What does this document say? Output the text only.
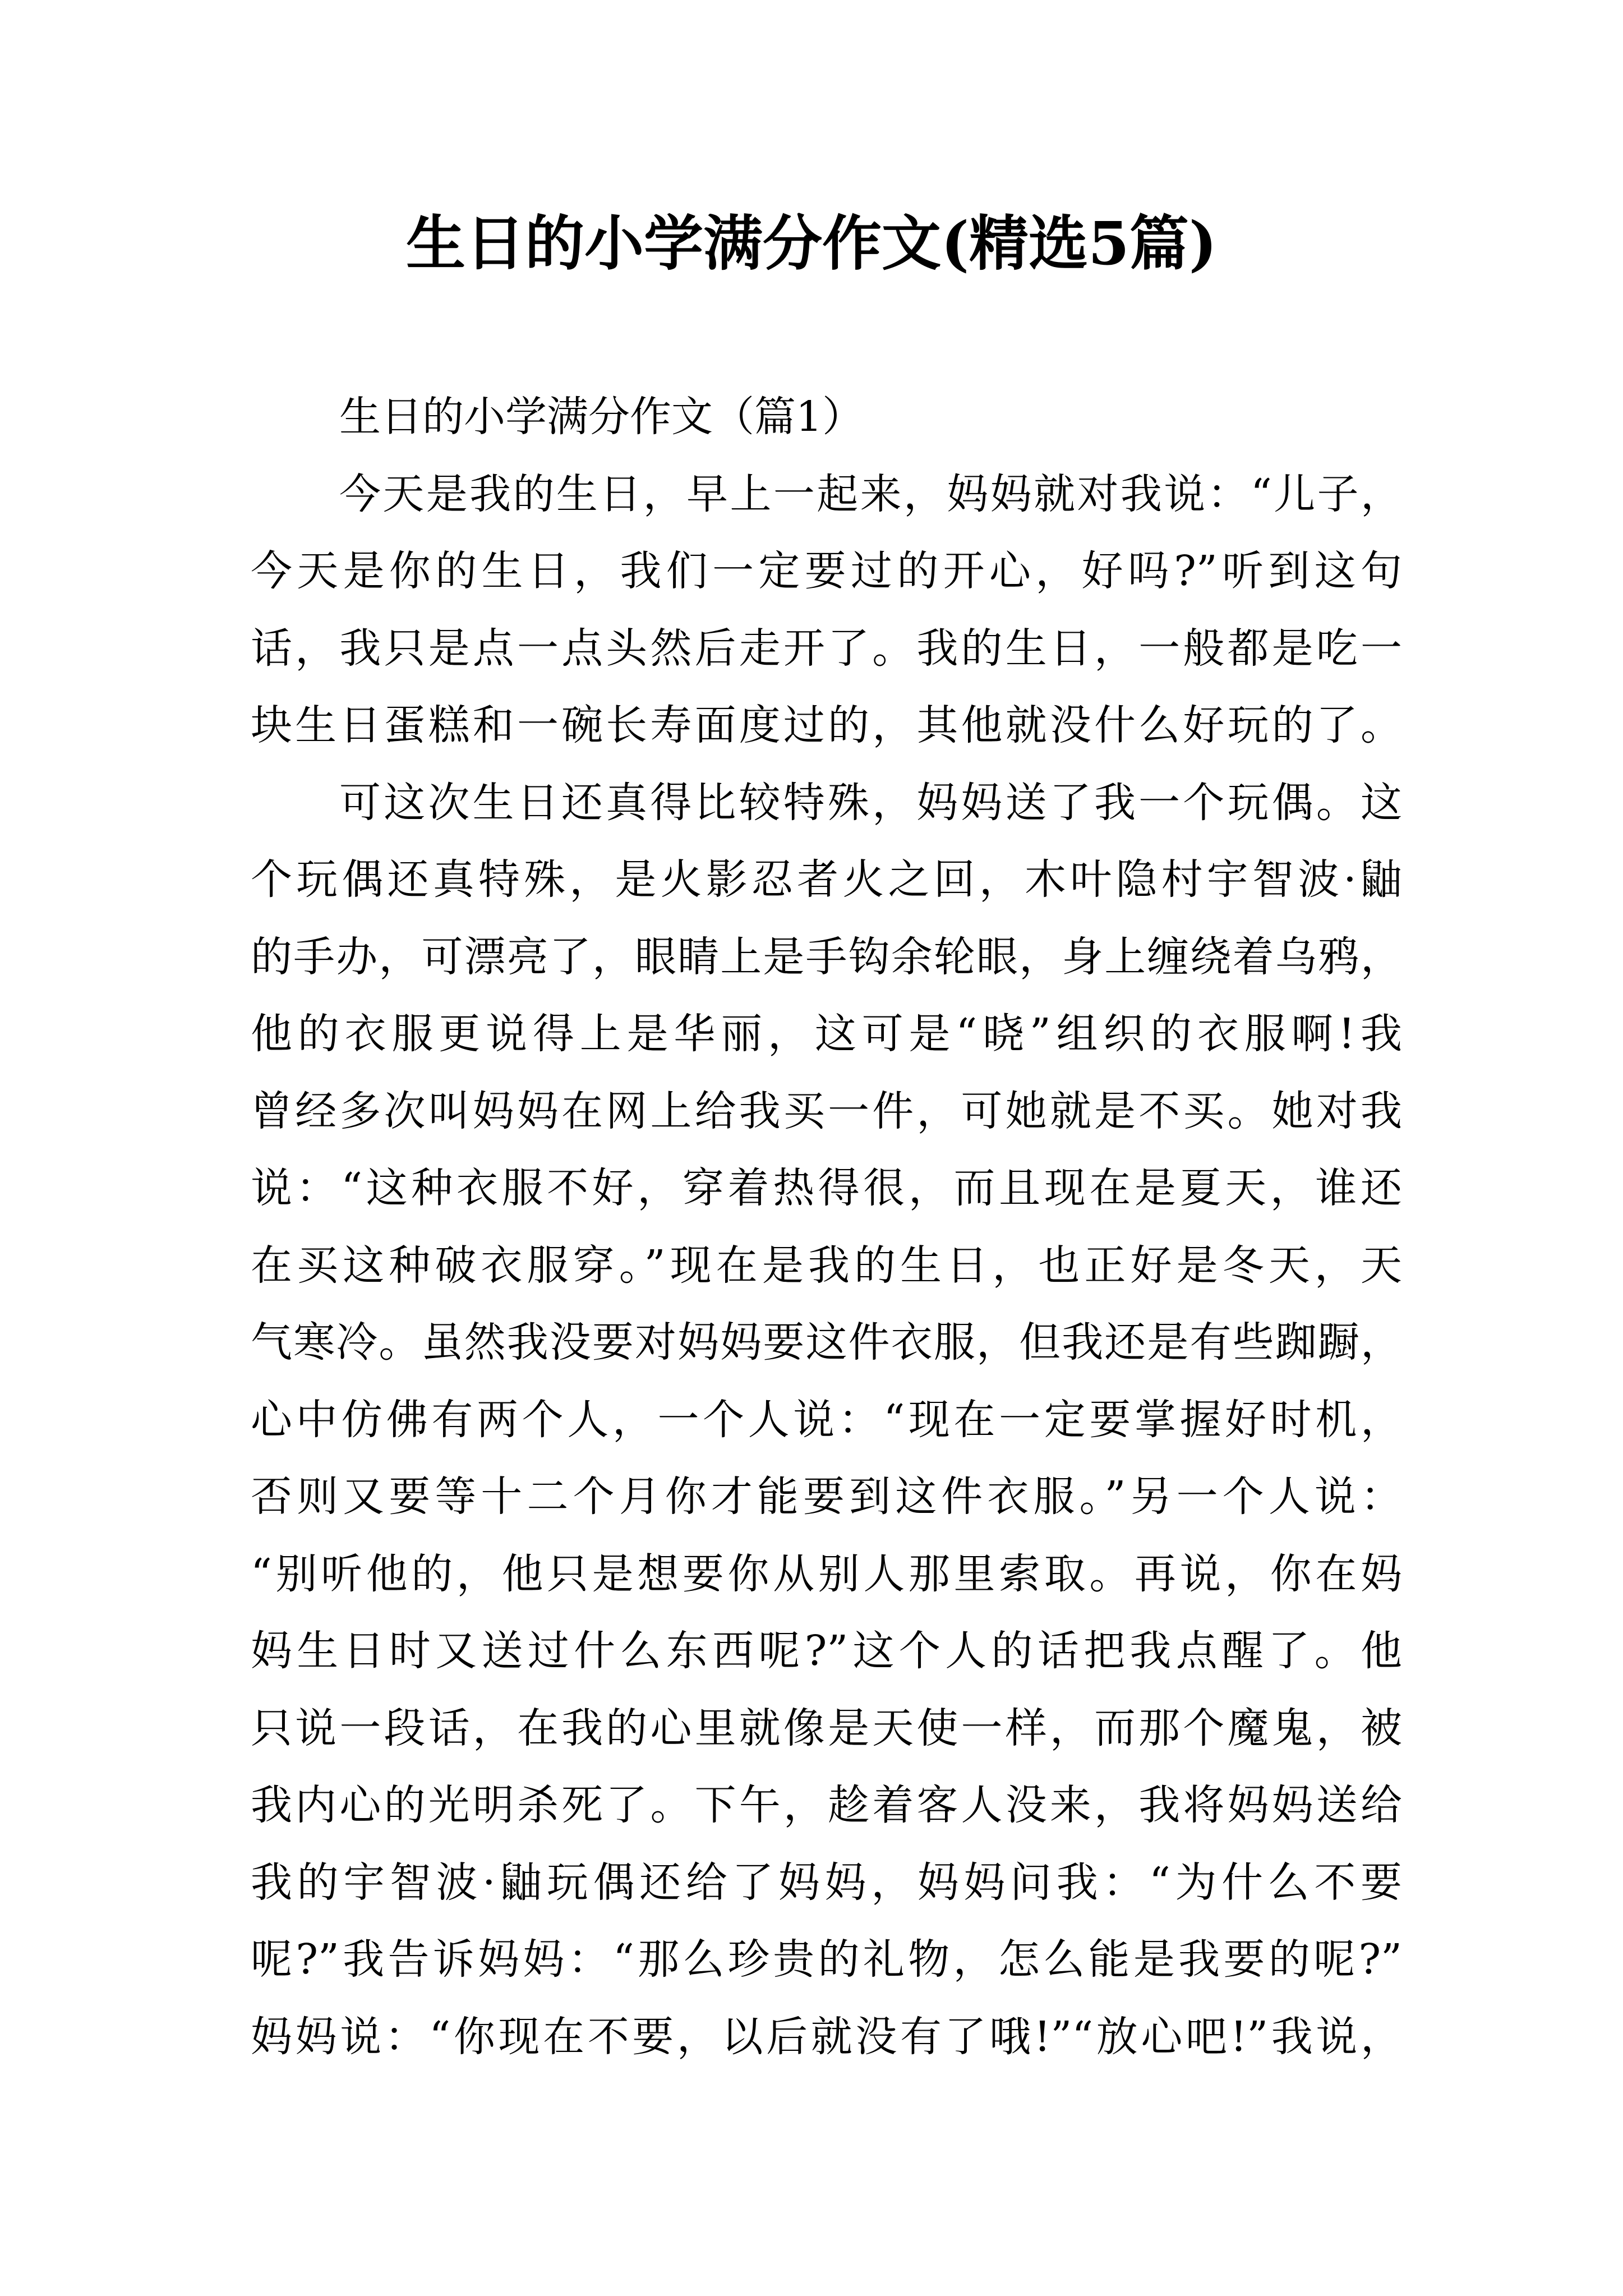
生日的小学满分作文(精选5篇)
生日的小学满分作文（篇1）
今天是我的生日，早上一起来，妈妈就对我说：“儿子，
今天是你的生日，我们一定要过的开心，好吗?”听到这句
话，我只是点一点头然后走开了。我的生日，一般都是吃一
块生日蛋糕和一碗长寿面度过的，其他就没什么好玩的了。
可这次生日还真得比较特殊，妈妈送了我一个玩偶。这
个玩偶还真特殊，是火影忍者火之回，木叶隐村宇智波·鼬
的手办，可漂亮了，眼睛上是手钩余轮眼，身上缠绕着乌鸦，
他的衣服更说得上是华丽，这可是“晓”组织的衣服啊!我
曾经多次叫妈妈在网上给我买一件，可她就是不买。她对我
说：“这种衣服不好，穿着热得很，而且现在是夏天，谁还
在买这种破衣服穿。”现在是我的生日，也正好是冬天，天
气寒冷。虽然我没要对妈妈要这件衣服，但我还是有些踟蹰，
心中仿佛有两个人，一个人说：“现在一定要掌握好时机，
否则又要等十二个月你才能要到这件衣服。”另一个人说：
“别听他的，他只是想要你从别人那里索取。再说，你在妈
妈生日时又送过什么东西呢?”这个人的话把我点醒了。他
只说一段话，在我的心里就像是天使一样，而那个魔鬼，被
我内心的光明杀死了。下午，趁着客人没来，我将妈妈送给
我的宇智波·鼬玩偶还给了妈妈，妈妈问我：“为什么不要
呢?”我告诉妈妈：“那么珍贵的礼物，怎么能是我要的呢?”
妈妈说：“你现在不要，以后就没有了哦!”“放心吧!”我说，
